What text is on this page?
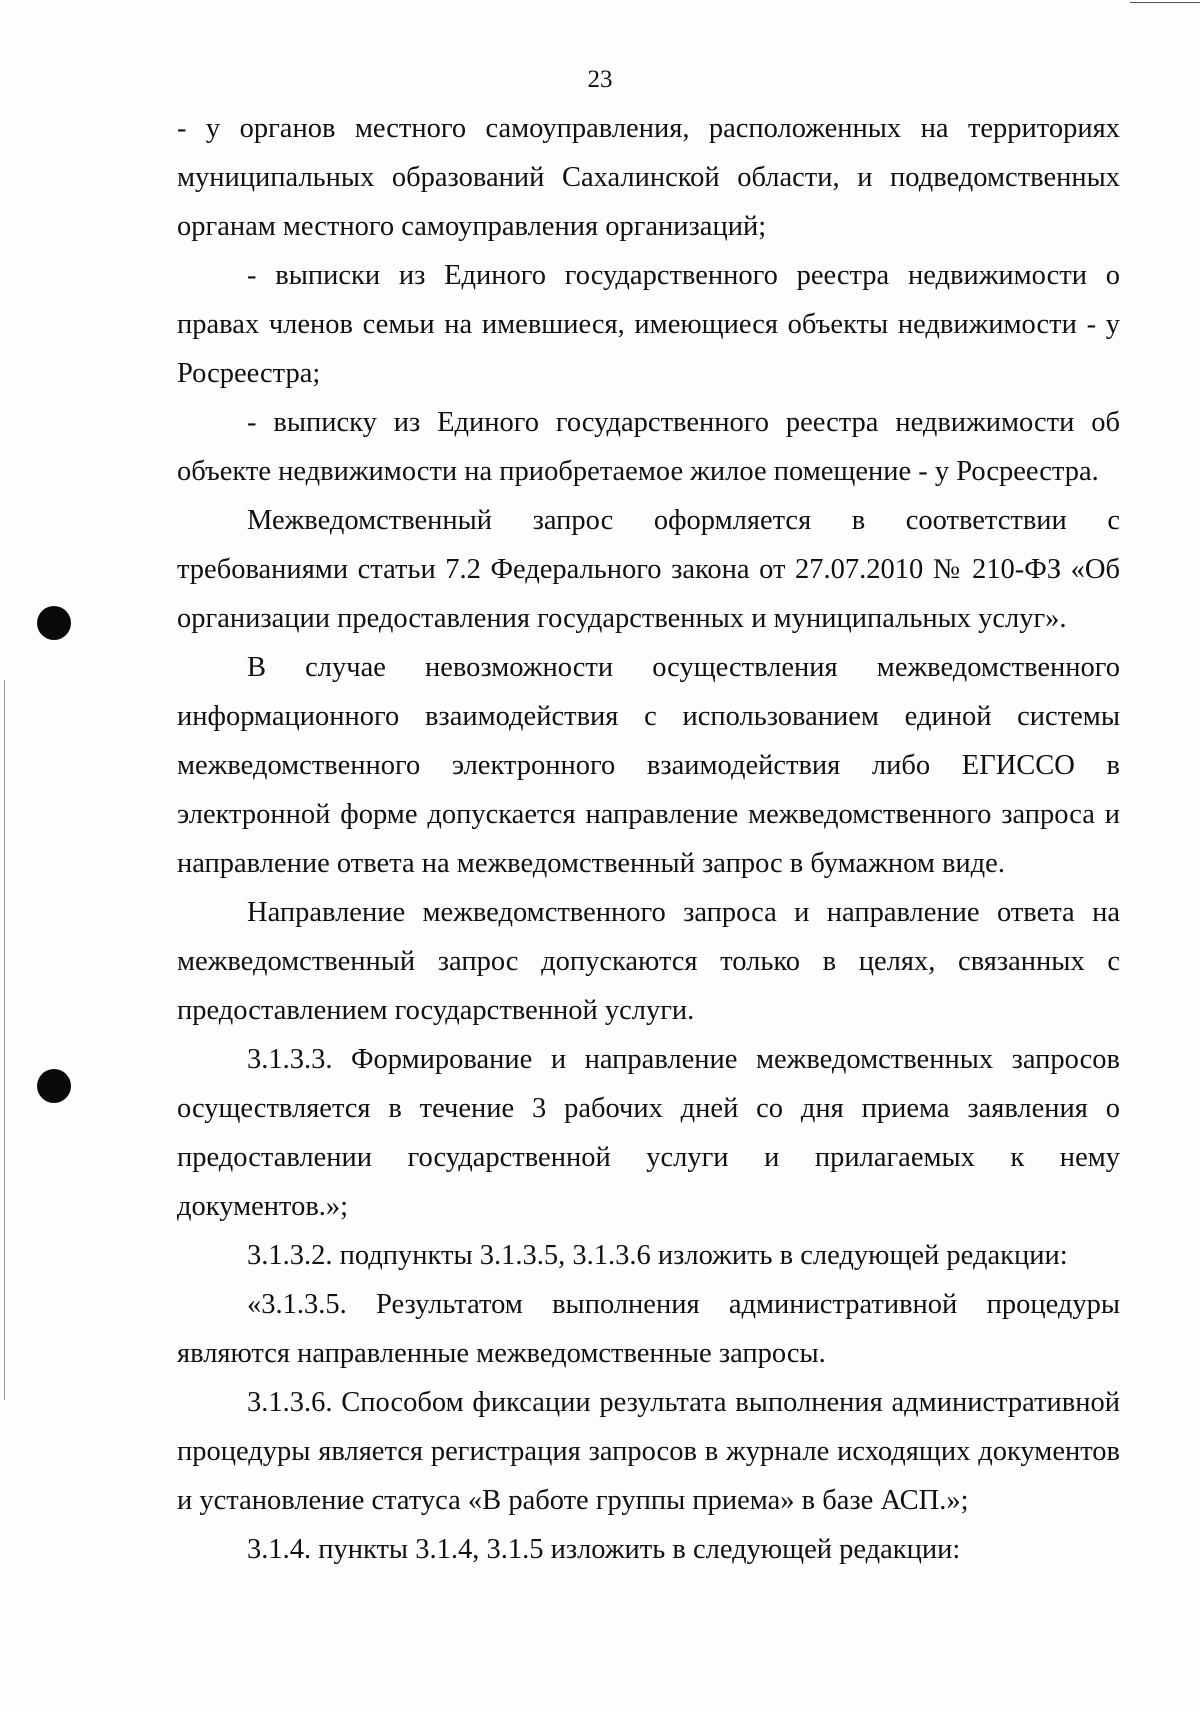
23

- у органов местного самоуправления, расположенных на территориях муниципальных образований Сахалинской области, и подведомственных органам местного самоуправления организаций;

- выписки из Единого государственного реестра недвижимости о правах членов семьи на имевшиеся, имеющиеся объекты недвижимости - у Росреестра;

- выписку из Единого государственного реестра недвижимости об объекте недвижимости на приобретаемое жилое помещение - у Росреестра.

Межведомственный запрос оформляется в соответствии с требованиями статьи 7.2 Федерального закона от 27.07.2010 № 210-ФЗ «Об организации предоставления государственных и муниципальных услуг».

В случае невозможности осуществления межведомственного информационного взаимодействия с использованием единой системы межведомственного электронного взаимодействия либо ЕГИССО в электронной форме допускается направление межведомственного запроса и направление ответа на межведомственный запрос в бумажном виде.

Направление межведомственного запроса и направление ответа на межведомственный запрос допускаются только в целях, связанных с предоставлением государственной услуги.

3.1.3.3. Формирование и направление межведомственных запросов осуществляется в течение 3 рабочих дней со дня приема заявления о предоставлении государственной услуги и прилагаемых к нему документов.»;

3.1.3.2. подпункты 3.1.3.5, 3.1.3.6 изложить в следующей редакции:

«3.1.3.5. Результатом выполнения административной процедуры являются направленные межведомственные запросы.

3.1.3.6. Способом фиксации результата выполнения административной процедуры является регистрация запросов в журнале исходящих документов и установление статуса «В работе группы приема» в базе АСП.»;

3.1.4. пункты 3.1.4, 3.1.5 изложить в следующей редакции:
